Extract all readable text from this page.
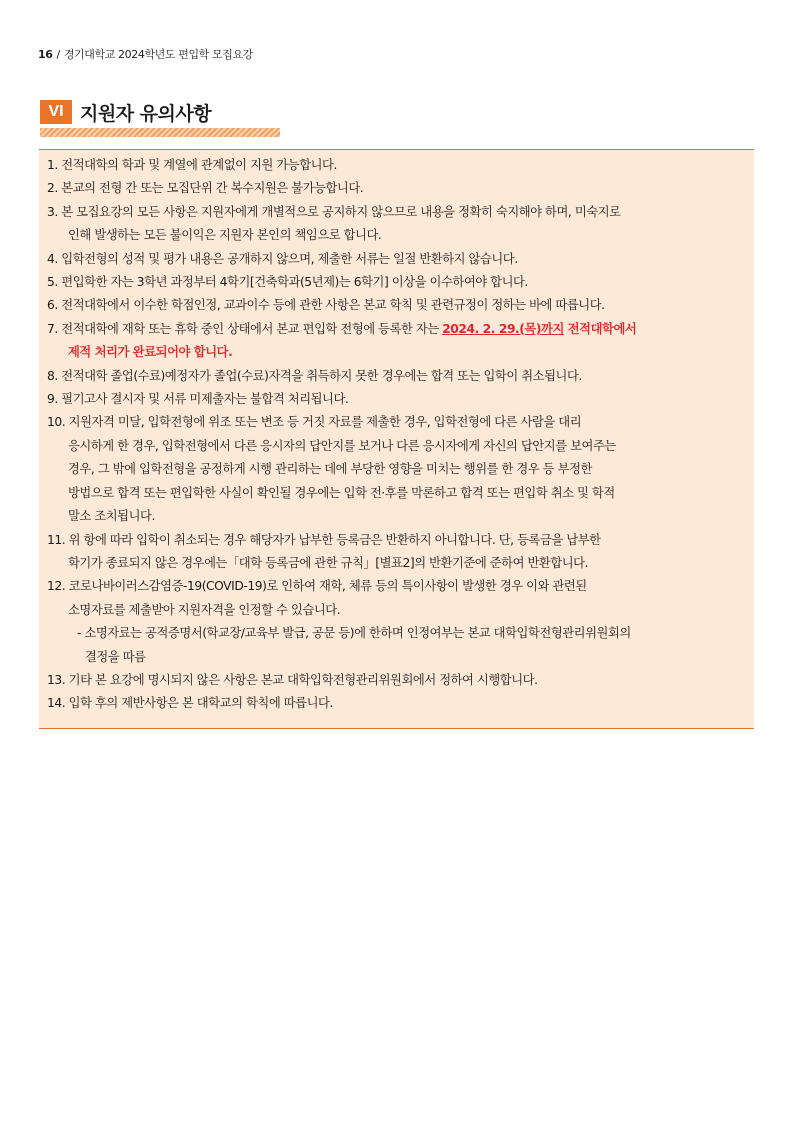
16 / 경기대학교 2024학년도 편입학 모집요강
VI 지원자 유의사항
1. 전적대학의 학과 및 계열에 관계없이 지원 가능합니다.
2. 본교의 전형 간 또는 모집단위 간 복수지원은 불가능합니다.
3. 본 모집요강의 모든 사항은 지원자에게 개별적으로 공지하지 않으므로 내용을 정확히 숙지해야 하며, 미숙지로
인해 발생하는 모든 불이익은 지원자 본인의 책임으로 합니다.
4. 입학전형의 성적 및 평가 내용은 공개하지 않으며, 제출한 서류는 일절 반환하지 않습니다.
5. 편입학한 자는 3학년 과정부터 4학기[건축학과(5년제)는 6학기] 이상을 이수하여야 합니다.
6. 전적대학에서 이수한 학점인정, 교과이수 등에 관한 사항은 본교 학칙 및 관련규정이 정하는 바에 따릅니다.
7. 전적대학에 재학 또는 휴학 중인 상태에서 본교 편입학 전형에 등록한 자는 2024. 2. 29.(목)까지 전적대학에서
제적 처리가 완료되어야 합니다.
8. 전적대학 졸업(수료)예정자가 졸업(수료)자격을 취득하지 못한 경우에는 합격 또는 입학이 취소됩니다.
9. 필기고사 결시자 및 서류 미제출자는 불합격 처리됩니다.
10. 지원자격 미달, 입학전형에 위조 또는 변조 등 거짓 자료를 제출한 경우, 입학전형에 다른 사람을 대리
응시하게 한 경우, 입학전형에서 다른 응시자의 답안지를 보거나 다른 응시자에게 자신의 답안지를 보여주는
경우, 그 밖에 입학전형을 공정하게 시행 관리하는 데에 부당한 영향을 미치는 행위를 한 경우 등 부정한
방법으로 합격 또는 편입학한 사실이 확인될 경우에는 입학 전·후를 막론하고 합격 또는 편입학 취소 및 학적
말소 조치됩니다.
11. 위 항에 따라 입학이 취소되는 경우 해당자가 납부한 등록금은 반환하지 아니합니다. 단, 등록금을 납부한
학기가 종료되지 않은 경우에는「대학 등록금에 관한 규칙」[별표2]의 반환기준에 준하여 반환합니다.
12. 코로나바이러스감염증-19(COVID-19)로 인하여 재학, 체류 등의 특이사항이 발생한 경우 이와 관련된
소명자료를 제출받아 지원자격을 인정할 수 있습니다.
- 소명자료는 공적증명서(학교장/교육부 발급, 공문 등)에 한하며 인정여부는 본교 대학입학전형관리위원회의
결정을 따름
13. 기타 본 요강에 명시되지 않은 사항은 본교 대학입학전형관리위원회에서 정하여 시행합니다.
14. 입학 후의 제반사항은 본 대학교의 학칙에 따릅니다.
